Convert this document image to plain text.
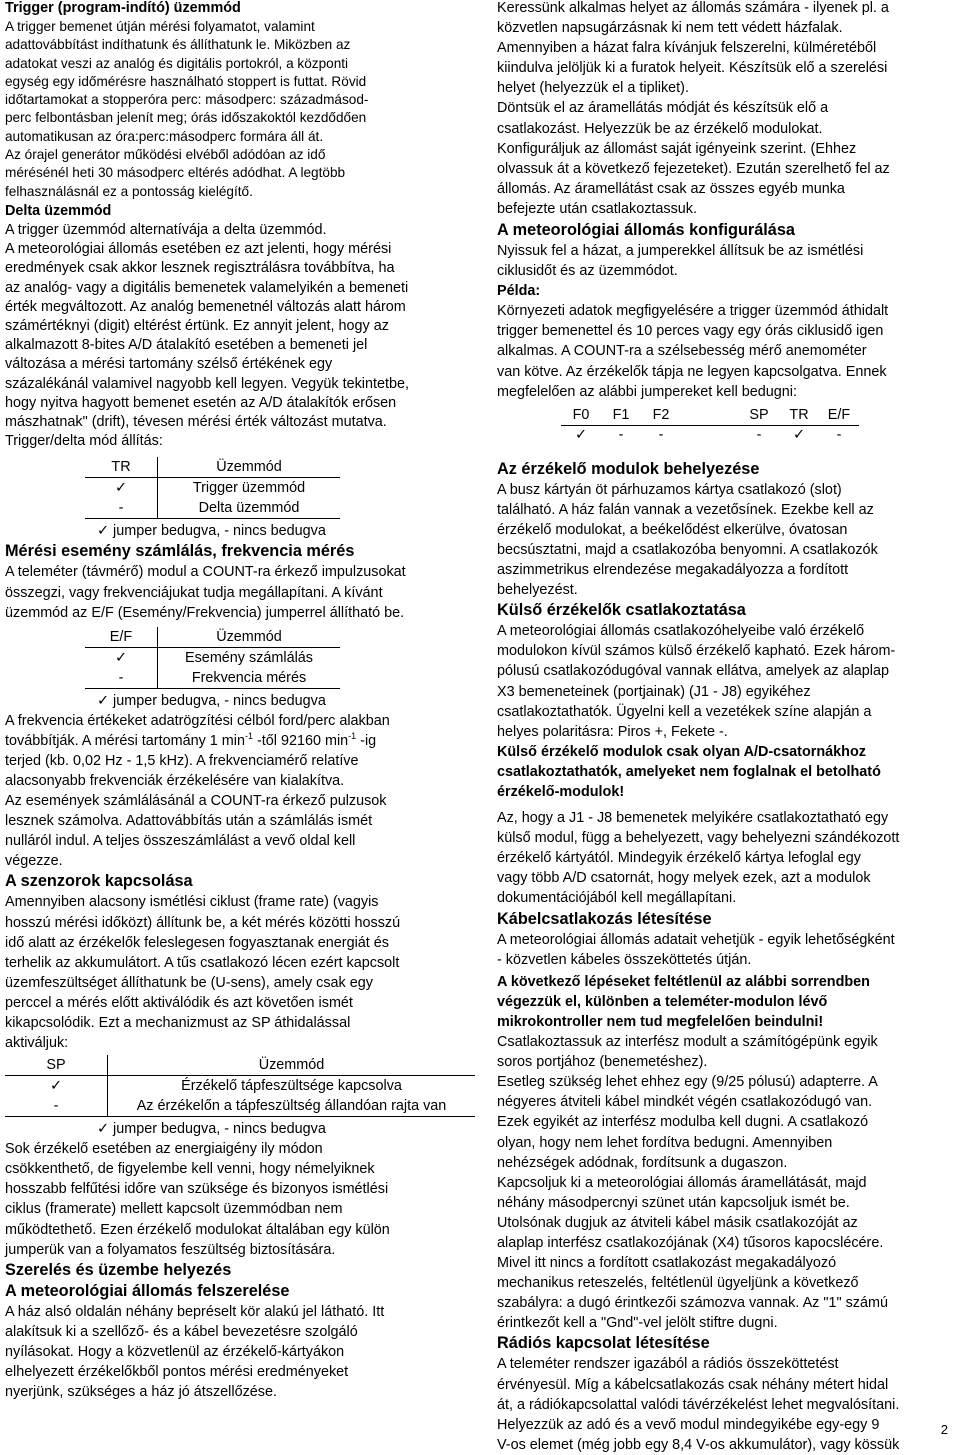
Trigger (program-indító) üzemmód

A trigger bemenet útján mérési folyamatot, valamint

adattovábbítást indíthatunk és állíthatunk le. Miközben az

adatokat veszi az analóg és digitális portokról, a központi

egység egy időmérésre használható stoppert is futtat. Rövid

időtartamokat a stopperóra perc: másodperc: századmásod-

perc felbontásban jelenít meg; órás időszakoktól kezdődően

automatikusan az óra:perc:másodperc formára áll át.

Az órajel generátor működési elvéből adódóan az idő

mérésénél heti 30 másodperc eltérés adódhat. A legtöbb

felhasználásnál ez a pontosság kielégítő.

Delta üzemmód

A trigger üzemmód alternatívája a delta üzemmód.

A meteorológiai állomás esetében ez azt jelenti, hogy mérési

eredmények csak akkor lesznek regisztrálásra továbbítva, ha

az analóg- vagy a digitális bemenetek valamelyikén a bemeneti

érték megváltozott. Az analóg bemenetnél változás alatt három

számértéknyi (digit) eltérést értünk. Ez annyit jelent, hogy az

alkalmazott 8-bites A/D átalakító esetében a bemeneti jel

változása a mérési tartomány szélső értékének egy

százalékánál valamivel nagyobb kell legyen. Vegyük tekintetbe,

hogy nyitva hagyott bemenet esetén az A/D átalakítók erősen

mászhatnak" (drift), tévesen mérési érték változást mutatva.

Trigger/delta mód állítás:

TR	Üzemmód
✓	Trigger üzemmód
-	Delta üzemmód

✓ jumper bedugva, - nincs bedugva

Mérési esemény számlálás, frekvencia mérés

A teleméter (távmérő) modul a COUNT-ra érkező impulzusokat

összegzi, vagy frekvenciájukat tudja megállapítani. A kívánt

üzemmód az E/F (Esemény/Frekvencia) jumperrel állítható be.

E/F	Üzemmód
✓	Esemény számlálás
-	Frekvencia mérés

✓ jumper bedugva, - nincs bedugva

A frekvencia értékeket adatrögzítési célból ford/perc alakban

továbbítják. A mérési tartomány 1 $\min^{-1}$ -től 92160 $\min^{-1} -ig$

terjed (kb. 0,02 Hz - 1,5 kHz). A frekvenciamérő relatíve

alacsonyabb frekvenciák érzékelésére van kialakítva.

Az események számlálásánál a COUNT-ra érkező pulzusok

lesznek számolva. Adattovábbítás után a számlálás ismét

nulláról indul. A teljes összeszámlálást a vevő oldal kell

végezze.

A szenzorok kapcsolása

Amennyiben alacsony ismétlési ciklust (frame rate) (vagyis

hosszú mérési időközt) állítunk be, a két mérés közötti hosszú

idő alatt az érzékelők feleslegesen fogyasztanak energiát és

terhelik az akkumulátort. A tűs csatlakozó lécen ezért kapcsolt

üzemfeszültséget állíthatunk be (U-sens), amely csak egy

perccel a mérés előtt aktiválódik és azt követően ismét

kikapcsolódik. Ezt a mechanizmust az SP áthidalással

aktiváljuk:

SP	Üzemmód
✓	Érzékelő tápfeszültsége kapcsolva
-	Az érzékelőn a tápfeszültség állandóan rajta van

✓ jumper bedugva, - nincs bedugva

Sok érzékelő esetében az energiaigény ily módon

csökkenthető, de figyelembe kell venni, hogy némelyiknek

hosszabb felfűtési időre van szüksége és bizonyos ismétlési

ciklus (framerate) mellett kapcsolt üzemmódban nem

működtethető. Ezen érzékelő modulokat általában egy külön

jumperük van a folyamatos feszültség biztosítására.

Szerelés és üzembe helyezés

A meteorológiai állomás felszerelése

A ház alsó oldalán néhány bepréselt kör alakú jel látható. Itt

alakítsuk ki a szellőző- és a kábel bevezetésre szolgáló

nyílásokat. Hogy a közvetlenül az érzékelő-kártyákon

elhelyezett érzékelőkből pontos mérési eredményeket

nyerjünk, szükséges a ház jó átszellőzése.

Keressünk alkalmas helyet az állomás számára - ilyenek pl. a

közvetlen napsugárzásnak ki nem tett védett házfalak.

Amennyiben a házat falra kívánjuk felszerelni, külméretéből

kiindulva jelöljük ki a furatok helyeit. Készítsük elő a szerelési

helyet (helyezzük el a tipliket).

Döntsük el az áramellátás módját és készítsük elő a

csatlakozást. Helyezzük be az érzékelő modulokat.

Konfiguráljuk az állomást saját igényeink szerint. (Ehhez

olvassuk át a következő fejezeteket). Ezután szerelhető fel az

állomás. Az áramellátást csak az összes egyéb munka

befejezte után csatlakoztassuk.

A meteorológiai állomás konfigurálása

Nyissuk fel a házat, a jumperekkel állítsuk be az ismétlési

ciklusidőt és az üzemmódot.

Példa:

Környezeti adatok megfigyelésére a trigger üzemmód áthidalt

trigger bemenettel és 10 perces vagy egy órás ciklusidő igen

alkalmas. A COUNT-ra a szélsebesség mérő anemométer

van kötve. Az érzékelők tápja ne legyen kapcsolgatva. Ennek

megfelelően az alábbi jumpereket kell bedugni:

F0	F1	F2		SP	TR	E/F
✓	-	-		-	✓	-

Az érzékelő modulok behelyezése

A busz kártyán öt párhuzamos kártya csatlakozó (slot)

található. A ház falán vannak a vezetősínek. Ezekbe kell az

érzékelő modulokat, a beékelődést elkerülve, óvatosan

becsúsztatni, majd a csatlakozóba benyomni. A csatlakozók

aszimmetrikus elrendezése megakadályozza a fordított

behelyezést.

Külső érzékelők csatlakoztatása

A meteorológiai állomás csatlakozóhelyeibe való érzékelő

modulokon kívül számos külső érzékelő kapható. Ezek három-

pólusú csatlakozódugóval vannak ellátva, amelyek az alaplap

X3 bemeneteinek (portjainak) (J1 - J8) egyikéhez

csatlakoztathatók. Ügyelni kell a vezetékek színe alapján a

helyes polaritásra: Piros +, Fekete -.

Külső érzékelő modulok csak olyan A/D-csatornákhoz

csatlakoztathatók, amelyeket nem foglalnak el betolható

érzékelő-modulok!

Az, hogy a J1 - J8 bemenetek melyikére csatlakoztatható egy

külső modul, függ a behelyezett, vagy behelyezni szándékozott

érzékelő kártyától. Mindegyik érzékelő kártya lefoglal egy

vagy több A/D csatornát, hogy melyek ezek, azt a modulok

dokumentációjából kell megállapítani.

Kábelcsatlakozás létesítése

A meteorológiai állomás adatait vehetjük - egyik lehetőségként

- közvetlen kábeles összeköttetés útján.

A következő lépéseket feltétlenül az alábbi sorrendben

végezzük el, különben a teleméter-modulon lévő

mikrokontroller nem tud megfelelően beindulni!

Csatlakoztassuk az interfész modult a számítógépünk egyik

soros portjához (benemetéshez).

Esetleg szükség lehet ehhez egy (9/25 pólusú) adapterre. A

négyeres átviteli kábel mindkét végén csatlakozódugó van.

Ezek egyikét az interfész modulba kell dugni. A csatlakozó

olyan, hogy nem lehet fordítva bedugni. Amennyiben

nehézségek adódnak, fordítsunk a dugaszon.

Kapcsoljuk ki a meteorológiai állomás áramellátását, majd

néhány másodpercnyi szünet után kapcsoljuk ismét be.

Utolsónak dugjuk az átviteli kábel másik csatlakozóját az

alaplap interfész csatlakozójának (X4) tűsoros kapocslécére.

Mivel itt nincs a fordított csatlakozást megakadályozó

mechanikus reteszelés, feltétlenül ügyeljünk a következő

szabályra: a dugó érintkezői számozva vannak. Az "1" számú

érintkezőt kell a "Gnd"-vel jelölt stiftre dugni.

Rádiós kapcsolat létesítése

A teleméter rendszer igazából a rádiós összeköttetést

érvényesül. Míg a kábelcsatlakozás csak néhány métert hidal

át, a rádiókapcsolattal valódi távérzékelést lehet megvalósítani.

Helyezzük az adó és a vevő modul mindegyikébe egy-egy 9

V-os elemet (még jobb egy 8,4 V-os akkumulátor), vagy kössük

2
